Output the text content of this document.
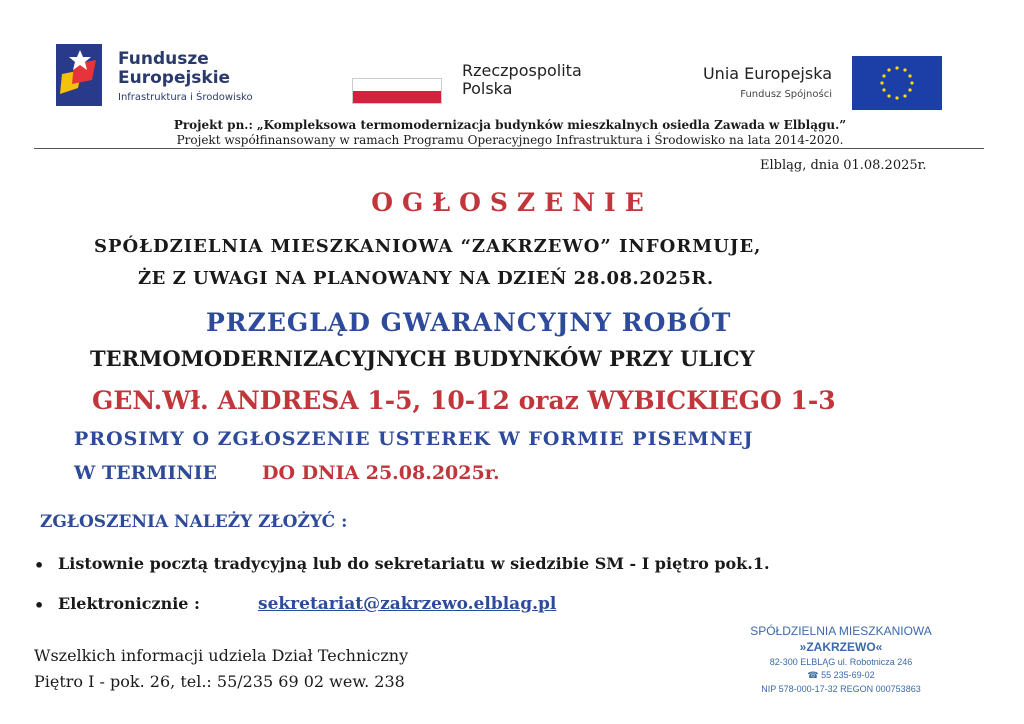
Fundusze
Europejskie
Infrastruktura i Środowisko
Rzeczpospolita
Polska
Unia Europejska
Fundusz Spójności
Projekt pn.: „Kompleksowa termomodernizacja budynków mieszkalnych osiedla Zawada w Elblągu.”
Projekt współfinansowany w ramach Programu Operacyjnego Infrastruktura i Środowisko na lata 2014-2020.
Elbląg, dnia 01.08.2025r.
OGŁOSZENIE
SPÓŁDZIELNIA MIESZKANIOWA “ZAKRZEWO” INFORMUJE,
ŻE Z UWAGI NA PLANOWANY NA DZIEŃ 28.08.2025R.
PRZEGLĄD GWARANCYJNY ROBÓT
TERMOMODERNIZACYJNYCH BUDYNKÓW PRZY ULICY
GEN.Wł. ANDRESA 1-5, 10-12 oraz WYBICKIEGO 1-3
PROSIMY O ZGŁOSZENIE USTEREK W FORMIE PISEMNEJ
W TERMINIE DO DNIA 25.08.2025r.
ZGŁOSZENIA NALEŻY ZŁOŻYĆ :
• Listownie pocztą tradycyjną lub do sekretariatu w siedzibie SM - I piętro pok.1.
• Elektronicznie :	sekretariat@zakrzewo.elblag.pl
Wszelkich informacji udziela Dział Techniczny
Piętro I - pok. 26, tel.: 55/235 69 02 wew. 238
SPÓŁDZIELNIA MIESZKANIOWA
»ZAKRZEWO«
82-300 ELBLĄG ul. Robotnicza 246
☎ 55 235-69-02
NIP 578-000-17-32 REGON 000753863
